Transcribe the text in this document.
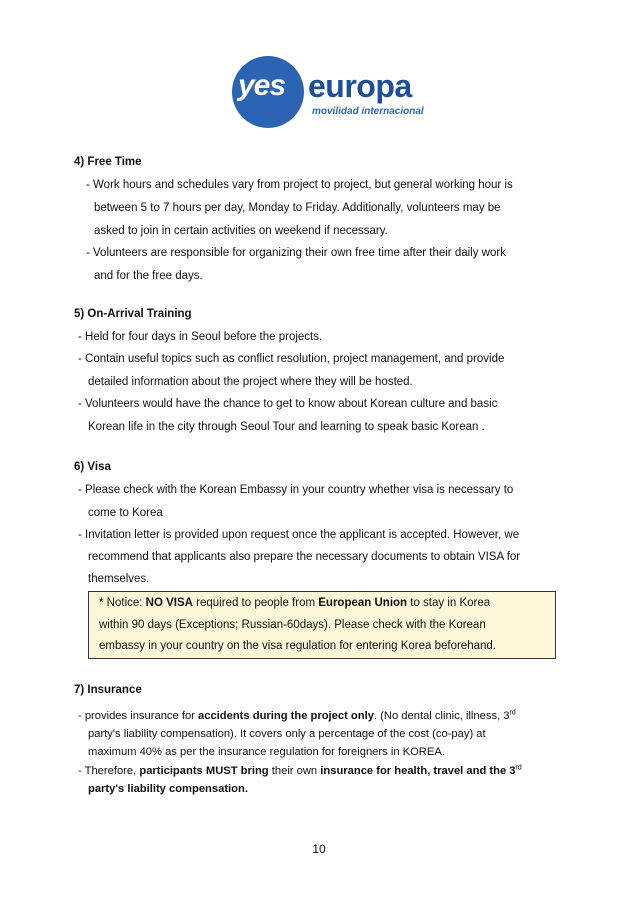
yes europa
movilidad internacional
4) Free Time
- Work hours and schedules vary from project to project, but general working hour is
between 5 to 7 hours per day, Monday to Friday. Additionally, volunteers may be
asked to join in certain activities on weekend if necessary.
- Volunteers are responsible for organizing their own free time after their daily work
and for the free days.
5) On-Arrival Training
- Held for four days in Seoul before the projects.
- Contain useful topics such as conflict resolution, project management, and provide
detailed information about the project where they will be hosted.
- Volunteers would have the chance to get to know about Korean culture and basic
Korean life in the city through Seoul Tour and learning to speak basic Korean .
6) Visa
- Please check with the Korean Embassy in your country whether visa is necessary to
come to Korea
- Invitation letter is provided upon request once the applicant is accepted. However, we
recommend that applicants also prepare the necessary documents to obtain VISA for
themselves.
* Notice: NO VISA required to people from European Union to stay in Korea
within 90 days (Exceptions; Russian-60days). Please check with the Korean
embassy in your country on the visa regulation for entering Korea beforehand.
7) Insurance
- provides insurance for accidents during the project only. (No dental clinic, illness, 3rd
party's liability compensation). It covers only a percentage of the cost (co-pay) at
maximum 40% as per the insurance regulation for foreigners in KOREA.
- Therefore, participants MUST bring their own insurance for health, travel and the 3rd
party's liability compensation.
10
